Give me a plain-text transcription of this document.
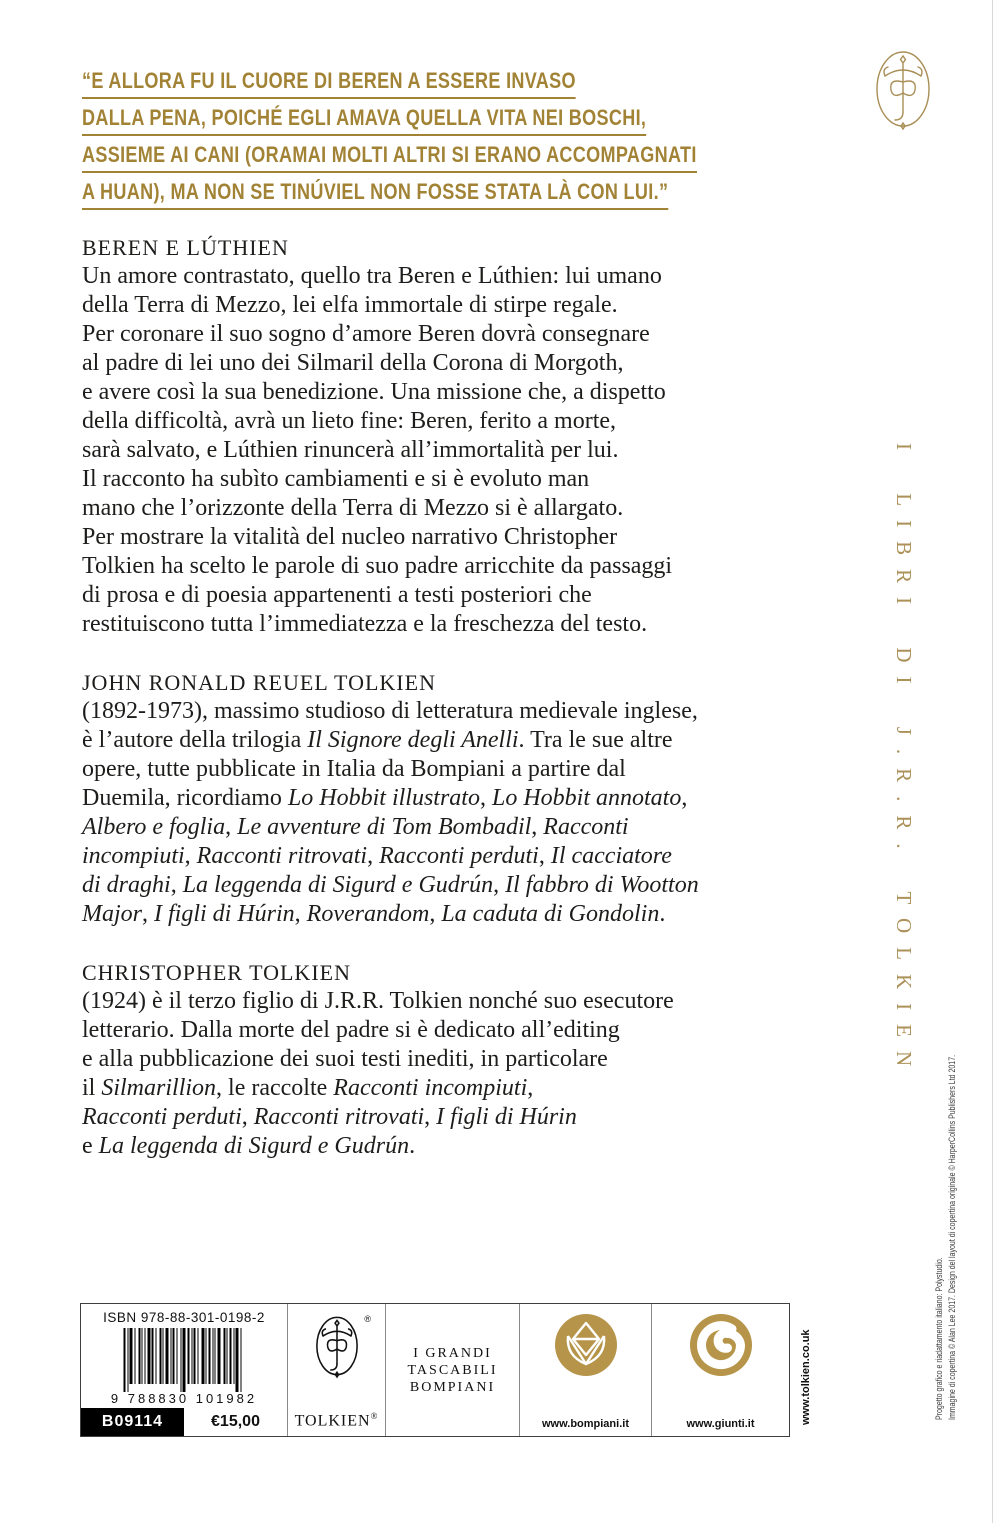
“E ALLORA FU IL CUORE DI BEREN A ESSERE INVASO
DALLA PENA, POICHÉ EGLI AMAVA QUELLA VITA NEI BOSCHI,
ASSIEME AI CANI (ORAMAI MOLTI ALTRI SI ERANO ACCOMPAGNATI
A HUAN), MA NON SE TINÚVIEL NON FOSSE STATA LÀ CON LUI.”
BEREN E LÚTHIEN
Un amore contrastato, quello tra Beren e Lúthien: lui umano
della Terra di Mezzo, lei elfa immortale di stirpe regale.
Per coronare il suo sogno d’amore Beren dovrà consegnare
al padre di lei uno dei Silmaril della Corona di Morgoth,
e avere così la sua benedizione. Una missione che, a dispetto
della difficoltà, avrà un lieto fine: Beren, ferito a morte,
sarà salvato, e Lúthien rinuncerà all’immortalità per lui.
Il racconto ha subìto cambiamenti e si è evoluto man
mano che l’orizzonte della Terra di Mezzo si è allargato.
Per mostrare la vitalità del nucleo narrativo Christopher
Tolkien ha scelto le parole di suo padre arricchite da passaggi
di prosa e di poesia appartenenti a testi posteriori che
restituiscono tutta l’immediatezza e la freschezza del testo.
JOHN RONALD REUEL TOLKIEN
(1892-1973), massimo studioso di letteratura medievale inglese,
è l’autore della trilogia Il Signore degli Anelli. Tra le sue altre
opere, tutte pubblicate in Italia da Bompiani a partire dal
Duemila, ricordiamo Lo Hobbit illustrato, Lo Hobbit annotato,
Albero e foglia, Le avventure di Tom Bombadil, Racconti
incompiuti, Racconti ritrovati, Racconti perduti, Il cacciatore
di draghi, La leggenda di Sigurd e Gudrún, Il fabbro di Wootton
Major, I figli di Húrin, Roverandom, La caduta di Gondolin.
CHRISTOPHER TOLKIEN
(1924) è il terzo figlio di J.R.R. Tolkien nonché suo esecutore
letterario. Dalla morte del padre si è dedicato all’editing
e alla pubblicazione dei suoi testi inediti, in particolare
il Silmarillion, le raccolte Racconti incompiuti,
Racconti perduti, Racconti ritrovati, I figli di Húrin
e La leggenda di Sigurd e Gudrún.
I LIBRI DI J.R.R. TOLKIEN
Immagine di copertina © Alan Lee 2017. Design del layout di copertina originale © HarperCollins Publishers Ltd 2017.
Progetto grafico e riadattamento italiano: Polystudio.
ISBN 978-88-301-0198-2
9 788830 101982
B09114	€15,00
®
TOLKIEN®
I GRANDI
TASCABILI
BOMPIANI
www.bompiani.it	www.giunti.it	www.tolkien.co.uk
